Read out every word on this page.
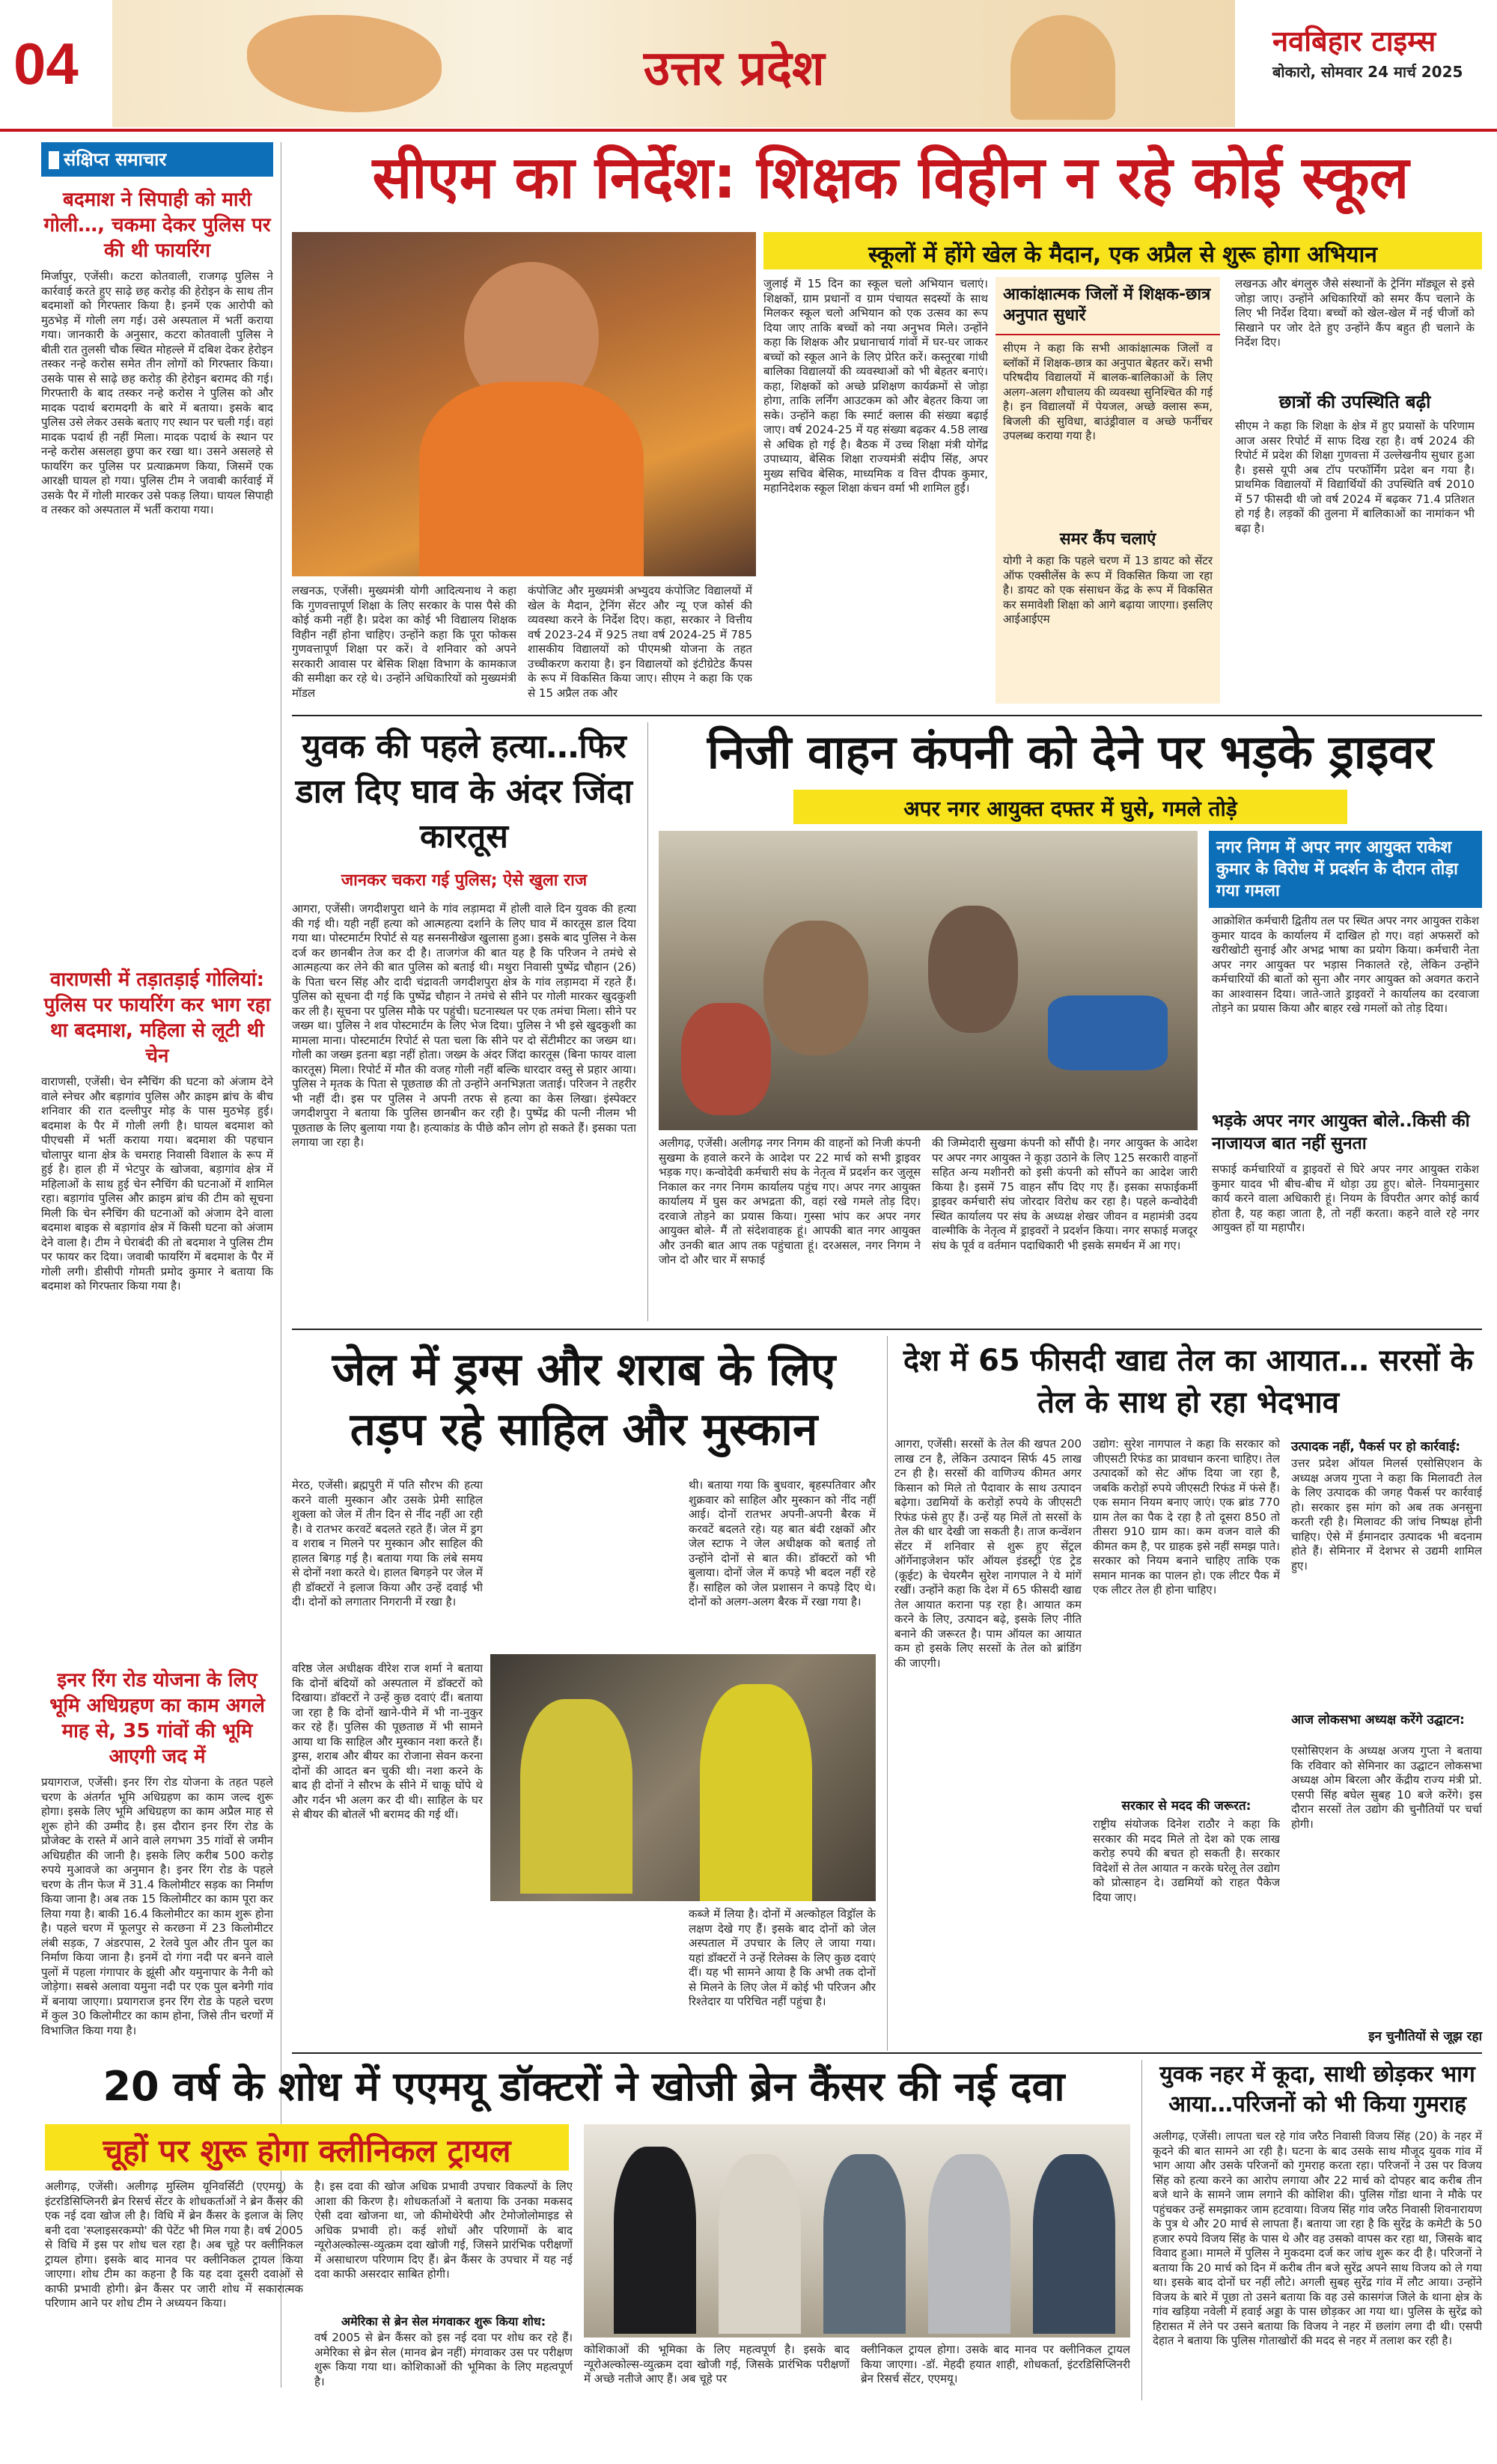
04	उत्तर प्रदेश	नवबिहार टाइम्स
बोकारो, सोमवार 24 मार्च 2025
संक्षिप्त समाचार
बदमाश ने सिपाही को मारी गोली…, चकमा देकर पुलिस पर की थी फायरिंग
मिर्जापुर, एजेंसी। कटरा कोतवाली, राजगढ़ पुलिस ने कार्रवाई करते हुए साढ़े छह करोड़ की हेरोइन के साथ तीन बदमाशों को गिरफ्तार किया है। इनमें एक आरोपी को मुठभेड़ में गोली लग गई। उसे अस्पताल में भर्ती कराया गया। जानकारी के अनुसार, कटरा कोतवाली पुलिस ने बीती रात तुलसी चौक स्थित मोहल्ले में दबिश देकर हेरोइन तस्कर नन्हे करोस समेत तीन लोगों को गिरफ्तार किया। उसके पास से साढ़े छह करोड़ की हेरोइन बरामद की गई। गिरफ्तारी के बाद तस्कर नन्हे करोस ने पुलिस को और मादक पदार्थ बरामदगी के बारे में बताया। इसके बाद पुलिस उसे लेकर उसके बताए गए स्थान पर चली गई। वहां मादक पदार्थ ही नहीं मिला। मादक पदार्थ के स्थान पर नन्हे करोस असलहा छुपा कर रखा था। उसने असलहे से फायरिंग कर पुलिस पर प्रत्याक्रमण किया, जिसमें एक आरक्षी घायल हो गया। पुलिस टीम ने जवाबी कार्रवाई में उसके पैर में गोली मारकर उसे पकड़ लिया। घायल सिपाही व तस्कर को अस्पताल में भर्ती कराया गया।
वाराणसी में तड़ातड़ाई गोलियां: पुलिस पर फायरिंग कर भाग रहा था बदमाश, महिला से लूटी थी चेन
वाराणसी, एजेंसी। चेन स्नैचिंग की घटना को अंजाम देने वाले स्नेचर और बड़ागांव पुलिस और क्राइम ब्रांच के बीच शनिवार की रात दल्लीपुर मोड़ के पास मुठभेड़ हुई। बदमाश के पैर में गोली लगी है। घायल बदमाश को पीएचसी में भर्ती कराया गया। बदमाश की पहचान चोलापुर थाना क्षेत्र के चमराह निवासी विशाल के रूप में हुई है। हाल ही में भेटपुर के खोजवा, बड़ागांव क्षेत्र में महिलाओं के साथ हुई चेन स्नैचिंग की घटनाओं में शामिल रहा। बड़ागांव पुलिस और क्राइम ब्रांच की टीम को सूचना मिली कि चेन स्नैचिंग की घटनाओं को अंजाम देने वाला बदमाश बाइक से बड़ागांव क्षेत्र में किसी घटना को अंजाम देने वाला है। टीम ने घेराबंदी की तो बदमाश ने पुलिस टीम पर फायर कर दिया। जवाबी फायरिंग में बदमाश के पैर में गोली लगी। डीसीपी गोमती प्रमोद कुमार ने बताया कि बदमाश को गिरफ्तार किया गया है।
इनर रिंग रोड योजना के लिए भूमि अधिग्रहण का काम अगले माह से, 35 गांवों की भूमि आएगी जद में
प्रयागराज, एजेंसी। इनर रिंग रोड योजना के तहत पहले चरण के अंतर्गत भूमि अधिग्रहण का काम जल्द शुरू होगा। इसके लिए भूमि अधिग्रहण का काम अप्रैल माह से शुरू होने की उम्मीद है। इस दौरान इनर रिंग रोड के प्रोजेक्ट के रास्ते में आने वाले लगभग 35 गांवों से जमीन अधिग्रहीत की जानी है। इसके लिए करीब 500 करोड़ रुपये मुआवजे का अनुमान है। इनर रिंग रोड के पहले चरण के तीन फेज में 31.4 किलोमीटर सड़क का निर्माण किया जाना है। अब तक 15 किलोमीटर का काम पूरा कर लिया गया है। बाकी 16.4 किलोमीटर का काम शुरू होना है। पहले चरण में फूलपुर से करछना में 23 किलोमीटर लंबी सड़क, 7 अंडरपास, 2 रेलवे पुल और तीन पुल का निर्माण किया जाना है। इनमें दो गंगा नदी पर बनने वाले पुलों में पहला गंगापार के झूंसी और यमुनापार के नैनी को जोड़ेगा। सबसे अलावा यमुना नदी पर एक पुल बनेगी गांव में बनाया जाएगा। प्रयागराज इनर रिंग रोड के पहले चरण में कुल 30 किलोमीटर का काम होना, जिसे तीन चरणों में विभाजित किया गया है।
सीएम का निर्देश: शिक्षक विहीन न रहे कोई स्कूल
स्कूलों में होंगे खेल के मैदान, एक अप्रैल से शुरू होगा अभियान
लखनऊ, एजेंसी। मुख्यमंत्री योगी आदित्यनाथ ने कहा कि गुणवत्तापूर्ण शिक्षा के लिए सरकार के पास पैसे की कोई कमी नहीं है। प्रदेश का कोई भी विद्यालय शिक्षक विहीन नहीं होना चाहिए। उन्होंने कहा कि पूरा फोकस गुणवत्तापूर्ण शिक्षा पर करें। वे शनिवार को अपने सरकारी आवास पर बेसिक शिक्षा विभाग के कामकाज की समीक्षा कर रहे थे। उन्होंने अधिकारियों को मुख्यमंत्री मॉडल
कंपोजिट और मुख्यमंत्री अभ्युदय कंपोजिट विद्यालयों में खेल के मैदान, ट्रेनिंग सेंटर और न्यू एज कोर्स की व्यवस्था करने के निर्देश दिए। कहा, सरकार ने वित्तीय वर्ष 2023-24 में 925 तथा वर्ष 2024-25 में 785 शासकीय विद्यालयों को पीएमश्री योजना के तहत उच्चीकरण कराया है। इन विद्यालयों को इंटीग्रेटेड कैंपस के रूप में विकसित किया जाए। सीएम ने कहा कि एक से 15 अप्रैल तक और
जुलाई में 15 दिन का स्कूल चलो अभियान चलाएं। शिक्षकों, ग्राम प्रधानों व ग्राम पंचायत सदस्यों के साथ मिलकर स्कूल चलो अभियान को एक उत्सव का रूप दिया जाए ताकि बच्चों को नया अनुभव मिले। उन्होंने कहा कि शिक्षक और प्रधानाचार्य गांवों में घर-घर जाकर बच्चों को स्कूल आने के लिए प्रेरित करें। कस्तूरबा गांधी बालिका विद्यालयों की व्यवस्थाओं को भी बेहतर बनाएं। कहा, शिक्षकों को अच्छे प्रशिक्षण कार्यक्रमों से जोड़ा होगा, ताकि लर्निंग आउटकम को और बेहतर किया जा सके। उन्होंने कहा कि स्मार्ट क्लास की संख्या बढ़ाई जाए। वर्ष 2024-25 में यह संख्या बढ़कर 4.58 लाख से अधिक हो गई है। बैठक में उच्च शिक्षा मंत्री योगेंद्र उपाध्याय, बेसिक शिक्षा राज्यमंत्री संदीप सिंह, अपर मुख्य सचिव बेसिक, माध्यमिक व वित्त दीपक कुमार, महानिदेशक स्कूल शिक्षा कंचन वर्मा भी शामिल हुईं।
आकांक्षात्मक जिलों में शिक्षक-छात्र अनुपात सुधारें
सीएम ने कहा कि सभी आकांक्षात्मक जिलों व ब्लॉकों में शिक्षक-छात्र का अनुपात बेहतर करें। सभी परिषदीय विद्यालयों में बालक-बालिकाओं के लिए अलग-अलग शौचालय की व्यवस्था सुनिश्चित की गई है। इन विद्यालयों में पेयजल, अच्छे क्लास रूम, बिजली की सुविधा, बाउंड्रीवाल व अच्छे फर्नीचर उपलब्ध कराया गया है।
समर कैंप चलाएं
योगी ने कहा कि पहले चरण में 13 डायट को सेंटर ऑफ एक्सीलेंस के रूप में विकसित किया जा रहा है। डायट को एक संसाधन केंद्र के रूप में विकसित कर समावेशी शिक्षा को आगे बढ़ाया जाएगा। इसलिए आईआईएम
लखनऊ और बंगलुरु जैसे संस्थानों के ट्रेनिंग मॉड्यूल से इसे जोड़ा जाए। उन्होंने अधिकारियों को समर कैंप चलाने के लिए भी निर्देश दिया। बच्चों को खेल-खेल में नई चीजों को सिखाने पर जोर देते हुए उन्होंने कैंप बहुत ही चलाने के निर्देश दिए।
छात्रों की उपस्थिति बढ़ी
सीएम ने कहा कि शिक्षा के क्षेत्र में हुए प्रयासों के परिणाम आज असर रिपोर्ट में साफ दिख रहा है। वर्ष 2024 की रिपोर्ट में प्रदेश की शिक्षा गुणवत्ता में उल्लेखनीय सुधार हुआ है। इससे यूपी अब टॉप परफॉर्मिंग प्रदेश बन गया है। प्राथमिक विद्यालयों में विद्यार्थियों की उपस्थिति वर्ष 2010 में 57 फीसदी थी जो वर्ष 2024 में बढ़कर 71.4 प्रतिशत हो गई है। लड़कों की तुलना में बालिकाओं का नामांकन भी बढ़ा है।
युवक की पहले हत्या…फिर डाल दिए घाव के अंदर जिंदा कारतूस
जानकर चकरा गई पुलिस; ऐसे खुला राज
आगरा, एजेंसी। जगदीशपुरा थाने के गांव लड़ामदा में होली वाले दिन युवक की हत्या की गई थी। यही नहीं हत्या को आत्महत्या दर्शाने के लिए घाव में कारतूस डाल दिया गया था। पोस्टमार्टम रिपोर्ट से यह सनसनीखेज खुलासा हुआ। इसके बाद पुलिस ने केस दर्ज कर छानबीन तेज कर दी है। ताजगंज की बात यह है कि परिजन ने तमंचे से आत्महत्या कर लेने की बात पुलिस को बताई थी। मथुरा निवासी पुष्पेंद्र चौहान (26) के पिता चरन सिंह और दादी चंद्रावती जगदीशपुरा क्षेत्र के गांव लड़ामदा में रहते हैं। पुलिस को सूचना दी गई कि पुष्पेंद्र चौहान ने तमंचे से सीने पर गोली मारकर खुदकुशी कर ली है। सूचना पर पुलिस मौके पर पहुंची। घटनास्थल पर एक तमंचा मिला। सीने पर जख्म था। पुलिस ने शव पोस्टमार्टम के लिए भेज दिया। पुलिस ने भी इसे खुदकुशी का मामला माना। पोस्टमार्टम रिपोर्ट से पता चला कि सीने पर दो सेंटीमीटर का जख्म था। गोली का जख्म इतना बड़ा नहीं होता। जख्म के अंदर जिंदा कारतूस (बिना फायर वाला कारतूस) मिला। रिपोर्ट में मौत की वजह गोली नहीं बल्कि धारदार वस्तु से प्रहार आया। पुलिस ने मृतक के पिता से पूछताछ की तो उन्होंने अनभिज्ञता जताई। परिजन ने तहरीर भी नहीं दी। इस पर पुलिस ने अपनी तरफ से हत्या का केस लिखा। इंस्पेक्टर जगदीशपुरा ने बताया कि पुलिस छानबीन कर रही है। पुष्पेंद्र की पत्नी नीलम भी पूछताछ के लिए बुलाया गया है। हत्याकांड के पीछे कौन लोग हो सकते हैं। इसका पता लगाया जा रहा है।
निजी वाहन कंपनी को देने पर भड़के ड्राइवर
अपर नगर आयुक्त दफ्तर में घुसे, गमले तोड़े
अलीगढ़, एजेंसी। अलीगढ़ नगर निगम की वाहनों को निजी कंपनी सुखमा के हवाले करने के आदेश पर 22 मार्च को सभी ड्राइवर भड़क गए। कन्वोदेवी कर्मचारी संघ के नेतृत्व में प्रदर्शन कर जुलूस निकाल कर नगर निगम कार्यालय पहुंच गए। अपर नगर आयुक्त कार्यालय में घुस कर अभद्रता की, वहां रखे गमले तोड़ दिए। दरवाजे तोड़ने का प्रयास किया। गुस्सा भांप कर अपर नगर आयुक्त बोले- मैं तो संदेशवाहक हूं। आपकी बात नगर आयुक्त और उनकी बात आप तक पहुंचाता हूं। दरअसल, नगर निगम ने जोन दो और चार में सफाई
की जिम्मेदारी सुखमा कंपनी को सौंपी है। नगर आयुक्त के आदेश पर अपर नगर आयुक्त ने कूड़ा उठाने के लिए 125 सरकारी वाहनों सहित अन्य मशीनरी को इसी कंपनी को सौंपने का आदेश जारी किया है। इसमें 75 वाहन सौंप दिए गए हैं। इसका सफाईकर्मी ड्राइवर कर्मचारी संघ जोरदार विरोध कर रहा है। पहले कन्वोदेवी स्थित कार्यालय पर संघ के अध्यक्ष शेखर जीवन व महामंत्री उदय वाल्मीकि के नेतृत्व में ड्राइवरों ने प्रदर्शन किया। नगर सफाई मजदूर संघ के पूर्व व वर्तमान पदाधिकारी भी इसके समर्थन में आ गए।
नगर निगम में अपर नगर आयुक्त राकेश कुमार के विरोध में प्रदर्शन के दौरान तोड़ा गया गमला
आक्रोशित कर्मचारी द्वितीय तल पर स्थित अपर नगर आयुक्त राकेश कुमार यादव के कार्यालय में दाखिल हो गए। वहां अफसरों को खरीखोटी सुनाई और अभद्र भाषा का प्रयोग किया। कर्मचारी नेता अपर नगर आयुक्त पर भड़ास निकालते रहे, लेकिन उन्होंने कर्मचारियों की बातों को सुना और नगर आयुक्त को अवगत कराने का आश्वासन दिया। जाते-जाते ड्राइवरों ने कार्यालय का दरवाजा तोड़ने का प्रयास किया और बाहर रखे गमलों को तोड़ दिया।
भड़के अपर नगर आयुक्त बोले..किसी की नाजायज बात नहीं सुनता
सफाई कर्मचारियों व ड्राइवरों से घिरे अपर नगर आयुक्त राकेश कुमार यादव भी बीच-बीच में थोड़ा उग्र हुए। बोले- नियमानुसार कार्य करने वाला अधिकारी हूं। नियम के विपरीत अगर कोई कार्य होता है, यह कहा जाता है, तो नहीं करता। कहने वाले रहे नगर आयुक्त हों या महापौर।
जेल में ड्रग्स और शराब के लिए तड़प रहे साहिल और मुस्कान
मेरठ, एजेंसी। ब्रह्मपुरी में पति सौरभ की हत्या करने वाली मुस्कान और उसके प्रेमी साहिल शुक्ला को जेल में तीन दिन से नींद नहीं आ रही है। वे रातभर करवटें बदलते रहते हैं। जेल में ड्रग व शराब न मिलने पर मुस्कान और साहिल की हालत बिगड़ गई है। बताया गया कि लंबे समय से दोनों नशा करते थे। हालत बिगड़ने पर जेल में ही डॉक्टरों ने इलाज किया और उन्हें दवाई भी दी। दोनों को लगातार निगरानी में रखा है।
वरिष्ठ जेल अधीक्षक वीरेश राज शर्मा ने बताया कि दोनों बंदियों को अस्पताल में डॉक्टरों को दिखाया। डॉक्टरों ने उन्हें कुछ दवाएं दीं। बताया जा रहा है कि दोनों खाने-पीने में भी ना-नुकुर कर रहे हैं। पुलिस की पूछताछ में भी सामने आया था कि साहिल और मुस्कान नशा करते हैं। ड्रग्स, शराब और बीयर का रोजाना सेवन करना दोनों की आदत बन चुकी थी। नशा करने के बाद ही दोनों ने सौरभ के सीने में चाकू घोंपे थे और गर्दन भी अलग कर दी थी। साहिल के घर से बीयर की बोतलें भी बरामद की गई थीं।
थी। बताया गया कि बुधवार, बृहस्पतिवार और शुक्रवार को साहिल और मुस्कान को नींद नहीं आई। दोनों रातभर अपनी-अपनी बैरक में करवटें बदलते रहे। यह बात बंदी रक्षकों और जेल स्टाफ ने जेल अधीक्षक को बताई तो उन्होंने दोनों से बात की। डॉक्टरों को भी बुलाया। दोनों जेल में कपड़े भी बदल नहीं रहे हैं। साहिल को जेल प्रशासन ने कपड़े दिए थे। दोनों को अलग-अलग बैरक में रखा गया है।
कब्जे में लिया है। दोनों में अल्कोहल विड्रॉल के लक्षण देखे गए हैं। इसके बाद दोनों को जेल अस्पताल में उपचार के लिए ले जाया गया। यहां डॉक्टरों ने उन्हें रिलेक्स के लिए कुछ दवाएं दीं। यह भी सामने आया है कि अभी तक दोनों से मिलने के लिए जेल में कोई भी परिजन और रिश्तेदार या परिचित नहीं पहुंचा है।
देश में 65 फीसदी खाद्य तेल का आयात… सरसों के तेल के साथ हो रहा भेदभाव
आगरा, एजेंसी। सरसों के तेल की खपत 200 लाख टन है, लेकिन उत्पादन सिर्फ 45 लाख टन ही है। सरसों की वाणिज्य कीमत अगर किसान को मिले तो पैदावार के साथ उत्पादन बढ़ेगा। उद्यमियों के करोड़ों रुपये के जीएसटी रिफंड फंसे हुए हैं। उन्हें यह मिलें तो सरसों के तेल की धार देखी जा सकती है। ताज कन्वेंशन सेंटर में शनिवार से शुरू हुए सेंट्रल ऑर्गेनाइजेशन फॉर ऑयल इंडस्ट्री एंड ट्रेड (कूईट) के चेयरमैन सुरेश नागपाल ने ये मांगें रखीं। उन्होंने कहा कि देश में 65 फीसदी खाद्य तेल आयात कराना पड़ रहा है। आयात कम करने के लिए, उत्पादन बढ़े, इसके लिए नीति बनाने की जरूरत है। पाम ऑयल का आयात कम हो इसके लिए सरसों के तेल को ब्रांडिंग की जाएगी।
उद्योग: सुरेश नागपाल ने कहा कि सरकार को जीएसटी रिफंड का प्रावधान करना चाहिए। तेल उत्पादकों को सेट ऑफ दिया जा रहा है, जबकि करोड़ों रुपये जीएसटी रिफंड में फंसे हैं। एक समान नियम बनाए जाएं। एक ब्रांड 770 ग्राम तेल का पैक दे रहा है तो दूसरा 850 तो तीसरा 910 ग्राम का। कम वजन वाले की कीमत कम है, पर ग्राहक इसे नहीं समझ पाते। सरकार को नियम बनाने चाहिए ताकि एक समान मानक का पालन हो। एक लीटर पैक में एक लीटर तेल ही होना चाहिए।
सरकार से मदद की जरूरत:
राष्ट्रीय संयोजक दिनेश राठौर ने कहा कि सरकार की मदद मिले तो देश को एक लाख करोड़ रुपये की बचत हो सकती है। सरकार विदेशों से तेल आयात न करके घरेलू तेल उद्योग को प्रोत्साहन दे। उद्यमियों को राहत पैकेज दिया जाए।
उत्पादक नहीं, पैकर्स पर हो कार्रवाई:
उत्तर प्रदेश ऑयल मिलर्स एसोसिएशन के अध्यक्ष अजय गुप्ता ने कहा कि मिलावटी तेल के लिए उत्पादक की जगह पैकर्स पर कार्रवाई हो। सरकार इस मांग को अब तक अनसुना करती रही है। मिलावट की जांच निष्पक्ष होनी चाहिए। ऐसे में ईमानदार उत्पादक भी बदनाम होते हैं। सेमिनार में देशभर से उद्यमी शामिल हुए।
आज लोकसभा अध्यक्ष करेंगे उद्घाटन:
एसोसिएशन के अध्यक्ष अजय गुप्ता ने बताया कि रविवार को सेमिनार का उद्घाटन लोकसभा अध्यक्ष ओम बिरला और केंद्रीय राज्य मंत्री प्रो. एसपी सिंह बघेल सुबह 10 बजे करेंगे। इस दौरान सरसों तेल उद्योग की चुनौतियों पर चर्चा होगी।
इन चुनौतियों से जूझ रहा
20 वर्ष के शोध में एएमयू डॉक्टरों ने खोजी ब्रेन कैंसर की नई दवा
चूहों पर शुरू होगा क्लीनिकल ट्रायल
अलीगढ़, एजेंसी। अलीगढ़ मुस्लिम यूनिवर्सिटी (एएमयू) के इंटरडिसिप्लिनरी ब्रेन रिसर्च सेंटर के शोधकर्ताओं ने ब्रेन कैंसर की एक नई दवा खोज ली है। विधि में ब्रेन कैंसर के इलाज के लिए बनी दवा 'स्प्लाइसरकम्पो' की पेटेंट भी मिल गया है। वर्ष 2005 से विधि में इस पर शोध चल रहा है। अब चूहे पर क्लीनिकल ट्रायल होगा। इसके बाद मानव पर क्लीनिकल ट्रायल किया जाएगा। शोध टीम का कहना है कि यह दवा दूसरी दवाओं से काफी प्रभावी होगी। ब्रेन कैंसर पर जारी शोध में सकारात्मक परिणाम आने पर शोध टीम ने अध्ययन किया।
है। इस दवा की खोज अधिक प्रभावी उपचार विकल्पों के लिए आशा की किरण है। शोधकर्ताओं ने बताया कि उनका मकसद ऐसी दवा खोजना था, जो कीमोथेरेपी और टेमोजोलोमाइड से अधिक प्रभावी हो। कई शोधों और परिणामों के बाद न्यूरोअल्कोल्स-व्युत्क्रम दवा खोजी गई, जिसने प्रारंभिक परीक्षणों में असाधारण परिणाम दिए हैं। ब्रेन कैंसर के उपचार में यह नई दवा काफी असरदार साबित होगी।
अमेरिका से ब्रेन सेल मंगवाकर शुरू किया शोध:
वर्ष 2005 से ब्रेन कैंसर को इस नई दवा पर शोध कर रहे हैं। अमेरिका से ब्रेन सेल (मानव ब्रेन नहीं) मंगवाकर उस पर परीक्षण शुरू किया गया था। कोशिकाओं की भूमिका के लिए महत्वपूर्ण है।
कोशिकाओं की भूमिका के लिए महत्वपूर्ण है। इसके बाद न्यूरोअल्कोल्स-व्युत्क्रम दवा खोजी गई, जिसके प्रारंभिक परीक्षणों में अच्छे नतीजे आए हैं। अब चूहे पर
क्लीनिकल ट्रायल होगा। उसके बाद मानव पर क्लीनिकल ट्रायल किया जाएगा। -डॉ. मेहदी हयात शाही, शोधकर्ता, इंटरडिसिप्लिनरी ब्रेन रिसर्च सेंटर, एएमयू।
युवक नहर में कूदा, साथी छोड़कर भाग आया…परिजनों को भी किया गुमराह
अलीगढ़, एजेंसी। लापता चल रहे गांव जरैठ निवासी विजय सिंह (20) के नहर में कूदने की बात सामने आ रही है। घटना के बाद उसके साथ मौजूद युवक गांव में भाग आया और उसके परिजनों को गुमराह करता रहा। परिजनों ने उस पर विजय सिंह को हत्या करने का आरोप लगाया और 22 मार्च को दोपहर बाद करीब तीन बजे थाने के सामने जाम लगाने की कोशिश की। पुलिस गोंडा थाना ने मौके पर पहुंचकर उन्हें समझाकर जाम हटवाया। विजय सिंह गांव जरैठ निवासी शिवनारायण के पुत्र थे और 20 मार्च से लापता हैं। बताया जा रहा है कि सुरेंद्र के कमेटी के 50 हजार रुपये विजय सिंह के पास थे और वह उसको वापस कर रहा था, जिसके बाद विवाद हुआ। मामले में पुलिस ने मुकदमा दर्ज कर जांच शुरू कर दी है। परिजनों ने बताया कि 20 मार्च को दिन में करीब तीन बजे सुरेंद्र अपने साथ विजय को ले गया था। इसके बाद दोनों घर नहीं लौटे। अगली सुबह सुरेंद्र गांव में लौट आया। उन्होंने विजय के बारे में पूछा तो उसने बताया कि वह उसे कासगंज जिले के थाना क्षेत्र के गांव खड़िया नवेली में हवाई अड्डा के पास छोड़कर आ गया था। पुलिस के सुरेंद्र को हिरासत में लेने पर उसने बताया कि विजय ने नहर में छलांग लगा दी थी। एसपी देहात ने बताया कि पुलिस गोताखोरों की मदद से नहर में तलाश कर रही है।
